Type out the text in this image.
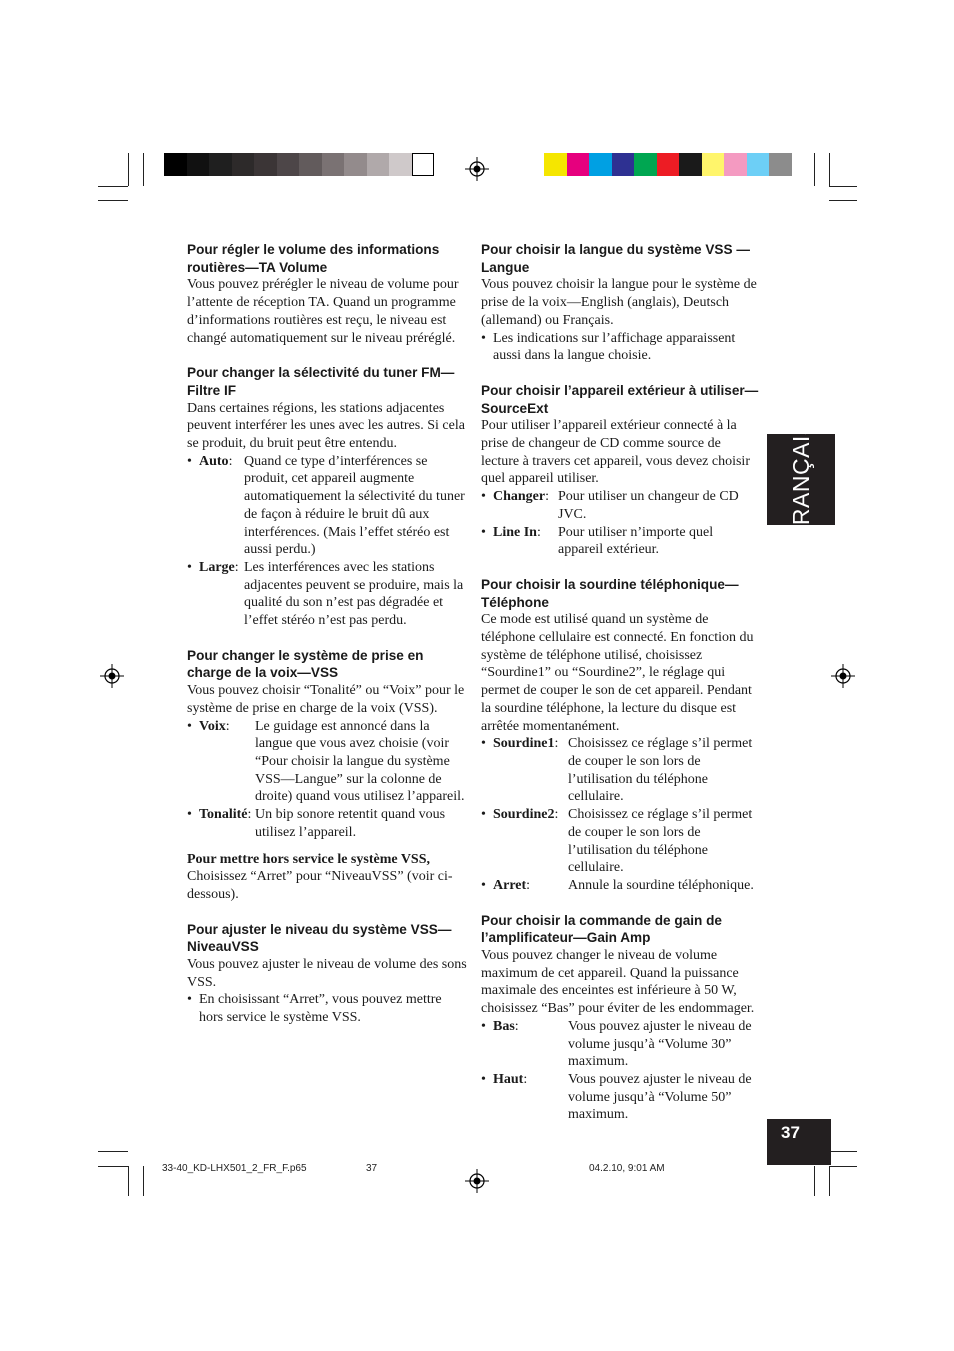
FRANÇAIS

Pour régler le volume des informations routières—TA Volume

Vous pouvez prérégler le niveau de volume pour l’attente de réception TA. Quand un programme d’informations routières est reçu, le niveau est changé automatiquement sur le niveau préréglé.

Pour changer la sélectivité du tuner FM—Filtre IF

Dans certaines régions, les stations adjacentes peuvent interférer les unes avec les autres. Si cela se produit, du bruit peut être entendu.

• Auto: Quand ce type d’interférences se produit, cet appareil augmente automatiquement la sélectivité du tuner de façon à réduire le bruit dû aux interférences. (Mais l’effet stéréo est aussi perdu.)
• Large: Les interférences avec les stations adjacentes peuvent se produire, mais la qualité du son n’est pas dégradée et l’effet stéréo n’est pas perdu.

Pour changer le système de prise en charge de la voix—VSS

Vous pouvez choisir “Tonalité” ou “Voix” pour le système de prise en charge de la voix (VSS).

• Voix:	Le guidage est annoncé dans la langue que vous avez choisie (voir “Pour choisir la langue du système VSS—Langue” sur la colonne de droite) quand vous utilisez l’appareil.
• Tonalité: Un bip sonore retentit quand vous utilisez l’appareil.

Pour mettre hors service le système VSS,

Choisissez “Arret” pour “NiveauVSS” (voir ci-dessous).

Pour ajuster le niveau du système VSS—NiveauVSS

Vous pouvez ajuster le niveau de volume des sons VSS.

• En choisissant “Arret”, vous pouvez mettre hors service le système VSS.

Pour choisir la langue du système VSS —Langue

Vous pouvez choisir la langue pour le système de prise de la voix—English (anglais), Deutsch (allemand) ou Français.

• Les indications sur l’affichage apparaissent aussi dans la langue choisie.

Pour choisir l’appareil extérieur à utiliser—SourceExt

Pour utiliser l’appareil extérieur connecté à la prise de changeur de CD comme source de lecture à travers cet appareil, vous devez choisir quel appareil utiliser.

• Changer: Pour utiliser un changeur de CD JVC.
• Line In:	Pour utiliser n’importe quel appareil extérieur.

Pour choisir la sourdine téléphonique—Téléphone

Ce mode est utilisé quand un système de téléphone cellulaire est connecté. En fonction du système de téléphone utilisé, choisissez “Sourdine1” ou “Sourdine2”, le réglage qui permet de couper le son de cet appareil. Pendant la sourdine téléphone, la lecture du disque est arrêtée momentanément.

• Sourdine1: Choisissez ce réglage s’il permet de couper le son lors de l’utilisation du téléphone cellulaire.
• Sourdine2: Choisissez ce réglage s’il permet de couper le son lors de l’utilisation du téléphone cellulaire.
• Arret:	Annule la sourdine téléphonique.

Pour choisir la commande de gain de l’amplificateur—Gain Amp

Vous pouvez changer le niveau de volume maximum de cet appareil. Quand la puissance maximale des enceintes est inférieure à 50 W, choisissez “Bas” pour éviter de les endommager.

• Bas:	Vous pouvez ajuster le niveau de volume jusqu’à “Volume 30” maximum.
• Haut:	Vous pouvez ajuster le niveau de volume jusqu’à “Volume 50” maximum.
37
33-40_KD-LHX501_2_FR_F.p65	37	04.2.10, 9:01 AM
